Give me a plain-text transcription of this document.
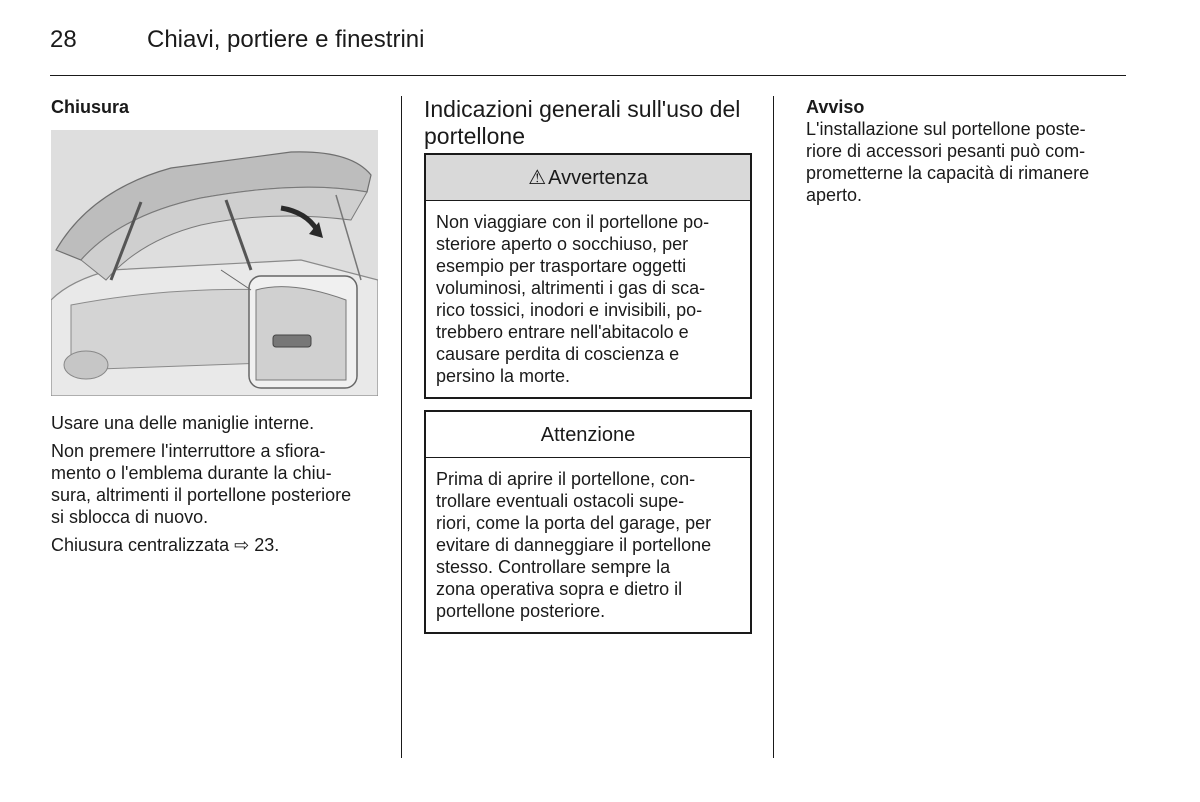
28	Chiavi, portiere e finestrini
Chiusura

Usare una delle maniglie interne.

Non premere l'interruttore a sfiora-
mento o l'emblema durante la chiu-
sura, altrimenti il portellone posteriore
si sblocca di nuovo.

Chiusura centralizzata ⇨ 23.

Indicazioni generali sull'uso del
portellone
⚠ Avvertenza
Non viaggiare con il portellone po-
steriore aperto o socchiuso, per
esempio per trasportare oggetti
voluminosi, altrimenti i gas di sca-
rico tossici, inodori e invisibili, po-
trebbero entrare nell'abitacolo e
causare perdita di coscienza e
persino la morte.
Attenzione
Prima di aprire il portellone, con-
trollare eventuali ostacoli supe-
riori, come la porta del garage, per
evitare di danneggiare il portellone
stesso. Controllare sempre la
zona operativa sopra e dietro il
portellone posteriore.
Avviso
L'installazione sul portellone poste-
riore di accessori pesanti può com-
prometterne la capacità di rimanere
aperto.
